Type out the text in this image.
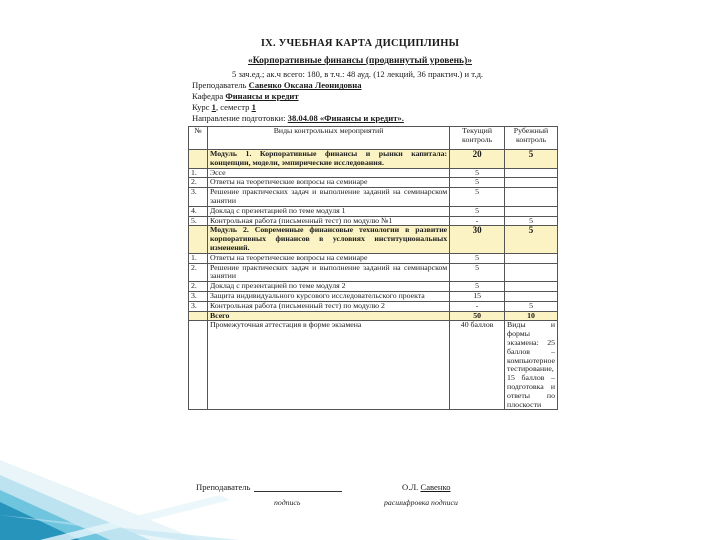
IX. УЧЕБНАЯ КАРТА ДИСЦИПЛИНЫ
«Корпоративные финансы (продвинутый уровень)»
5 зач.ед.; ак.ч всего: 180, в т.ч.: 48 ауд. (12 лекций, 36 практич.) и т.д.
Преподаватель Савенко Оксана Леонидовна
Кафедра Финансы и кредит
Курс 1, семестр 1
Направление подготовки: 38.04.08 «Финансы и кредит».
№	Виды контрольных мероприятий	Текущий контроль	Рубежный контроль
	Модуль 1. Корпоративные финансы и рынки капитала: концепции, модели, эмпирические исследования.	20	5
1.	Эссе	5	
2.	Ответы на теоретические вопросы на семинаре	5	
3.	Решение практических задач и выполнение заданий на семинарском занятии	5	
4.	Доклад с презентацией по теме модуля 1	5	
5.	Контрольная работа (письменный тест) по модулю №1	-	5
	Модуль 2. Современные финансовые технологии в развитие корпоративных финансов в условиях институциональных изменений.	30	5
1.	Ответы на теоретические вопросы на семинаре	5	
2.	Решение практических задач и выполнение заданий на семинарском занятии	5	
2.	Доклад с презентацией по теме модуля 2	5	
3.	Защита индивидуального курсового исследовательского проекта	15	
3.	Контрольная работа (письменный тест) по модулю 2	-	5
	Всего	50	10
	Промежуточная аттестация в форме экзамена	40 баллов	Виды и формы экзамена: 25 баллов – компьютерное тестирование, 15 баллов – подготовка и ответы по плоскости
Преподаватель	О.Л. Савенко
подпись	расшифровка подписи
